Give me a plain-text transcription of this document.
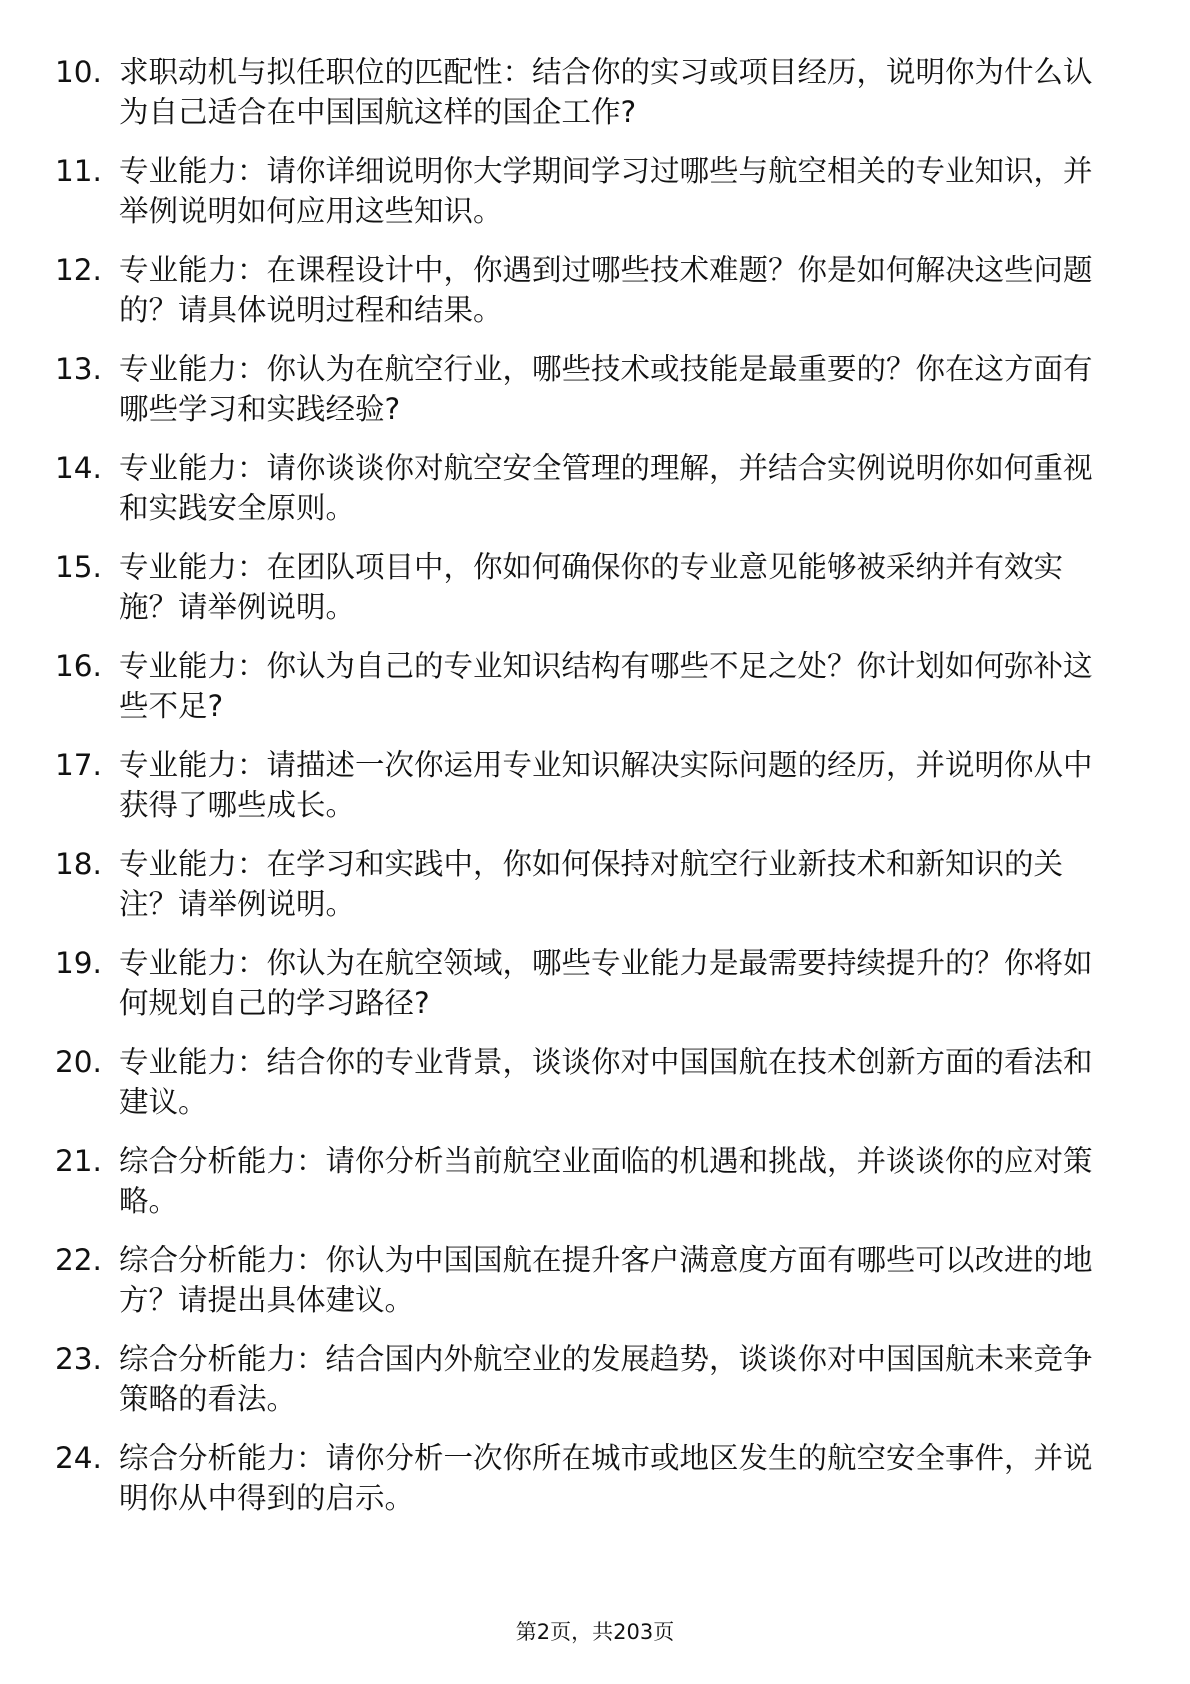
10. 求职动机与拟任职位的匹配性：结合你的实习或项目经历，说明你为什么认为自己适合在中国国航这样的国企工作?
11. 专业能力：请你详细说明你大学期间学习过哪些与航空相关的专业知识，并举例说明如何应用这些知识。
12. 专业能力：在课程设计中，你遇到过哪些技术难题？你是如何解决这些问题的？请具体说明过程和结果。
13. 专业能力：你认为在航空行业，哪些技术或技能是最重要的？你在这方面有哪些学习和实践经验?
14. 专业能力：请你谈谈你对航空安全管理的理解，并结合实例说明你如何重视和实践安全原则。
15. 专业能力：在团队项目中，你如何确保你的专业意见能够被采纳并有效实施？请举例说明。
16. 专业能力：你认为自己的专业知识结构有哪些不足之处？你计划如何弥补这些不足?
17. 专业能力：请描述一次你运用专业知识解决实际问题的经历，并说明你从中获得了哪些成长。
18. 专业能力：在学习和实践中，你如何保持对航空行业新技术和新知识的关注？请举例说明。
19. 专业能力：你认为在航空领域，哪些专业能力是最需要持续提升的？你将如何规划自己的学习路径?
20. 专业能力：结合你的专业背景，谈谈你对中国国航在技术创新方面的看法和建议。
21. 综合分析能力：请你分析当前航空业面临的机遇和挑战，并谈谈你的应对策略。
22. 综合分析能力：你认为中国国航在提升客户满意度方面有哪些可以改进的地方？请提出具体建议。
23. 综合分析能力：结合国内外航空业的发展趋势，谈谈你对中国国航未来竞争策略的看法。
24. 综合分析能力：请你分析一次你所在城市或地区发生的航空安全事件，并说明你从中得到的启示。
第2页，共203页
